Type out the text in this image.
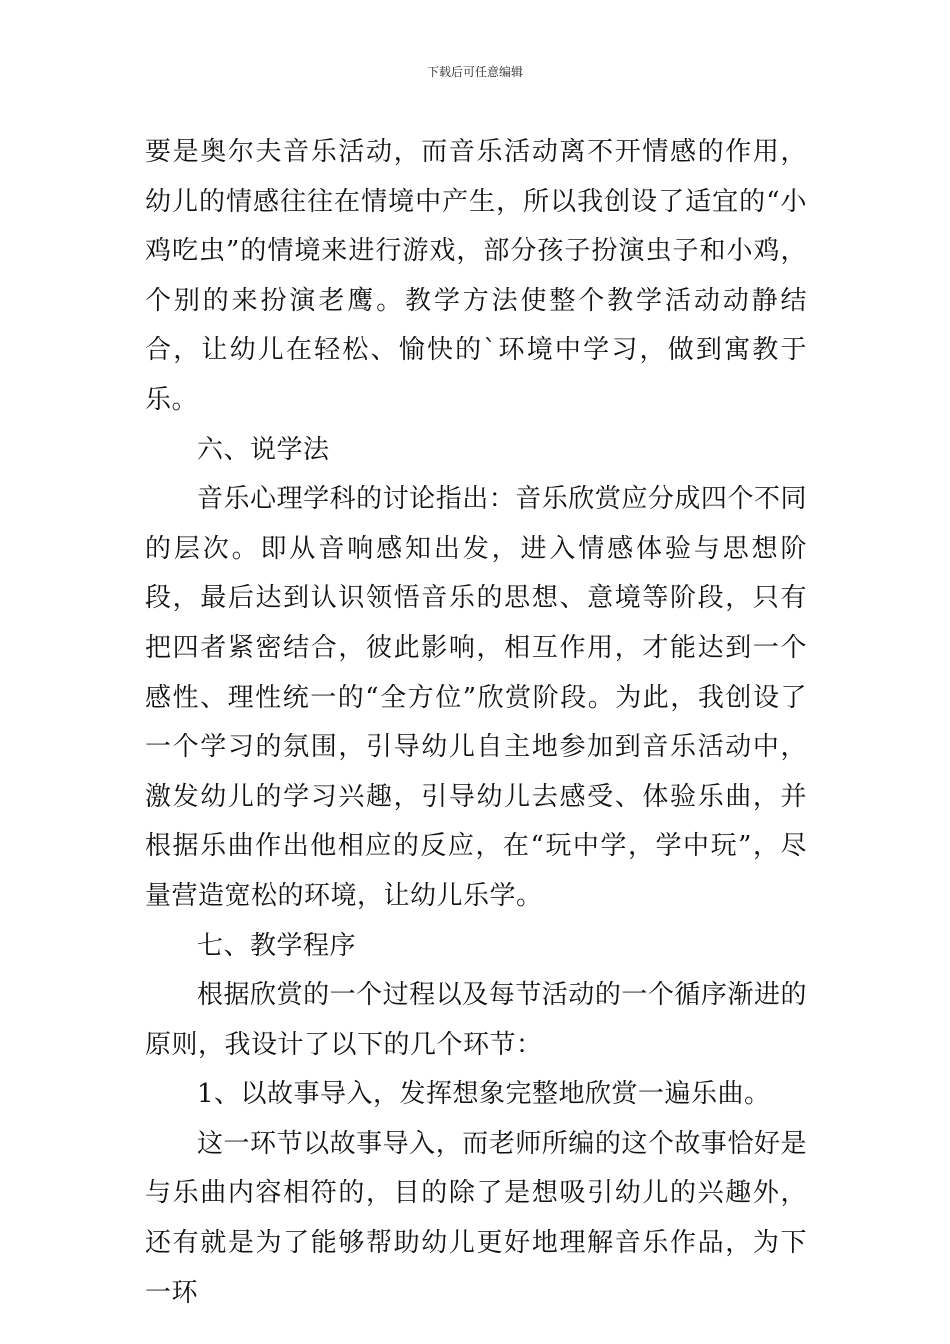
下载后可任意编辑

要是奥尔夫音乐活动，而音乐活动离不开情感的作用，幼儿的情感往往在情境中产生，所以我创设了适宜的“小鸡吃虫”的情境来进行游戏，部分孩子扮演虫子和小鸡，个别的来扮演老鹰。教学方法使整个教学活动动静结合，让幼儿在轻松、愉快的`环境中学习，做到寓教于乐。

六、说学法

音乐心理学科的讨论指出：音乐欣赏应分成四个不同的层次。即从音响感知出发，进入情感体验与思想阶段，最后达到认识领悟音乐的思想、意境等阶段，只有把四者紧密结合，彼此影响，相互作用，才能达到一个感性、理性统一的“全方位”欣赏阶段。为此，我创设了一个学习的氛围，引导幼儿自主地参加到音乐活动中，激发幼儿的学习兴趣，引导幼儿去感受、体验乐曲，并根据乐曲作出他相应的反应，在“玩中学，学中玩”，尽量营造宽松的环境，让幼儿乐学。

七、教学程序

根据欣赏的一个过程以及每节活动的一个循序渐进的原则，我设计了以下的几个环节：

1、以故事导入，发挥想象完整地欣赏一遍乐曲。

这一环节以故事导入，而老师所编的这个故事恰好是与乐曲内容相符的，目的除了是想吸引幼儿的兴趣外，还有就是为了能够帮助幼儿更好地理解音乐作品，为下一环
